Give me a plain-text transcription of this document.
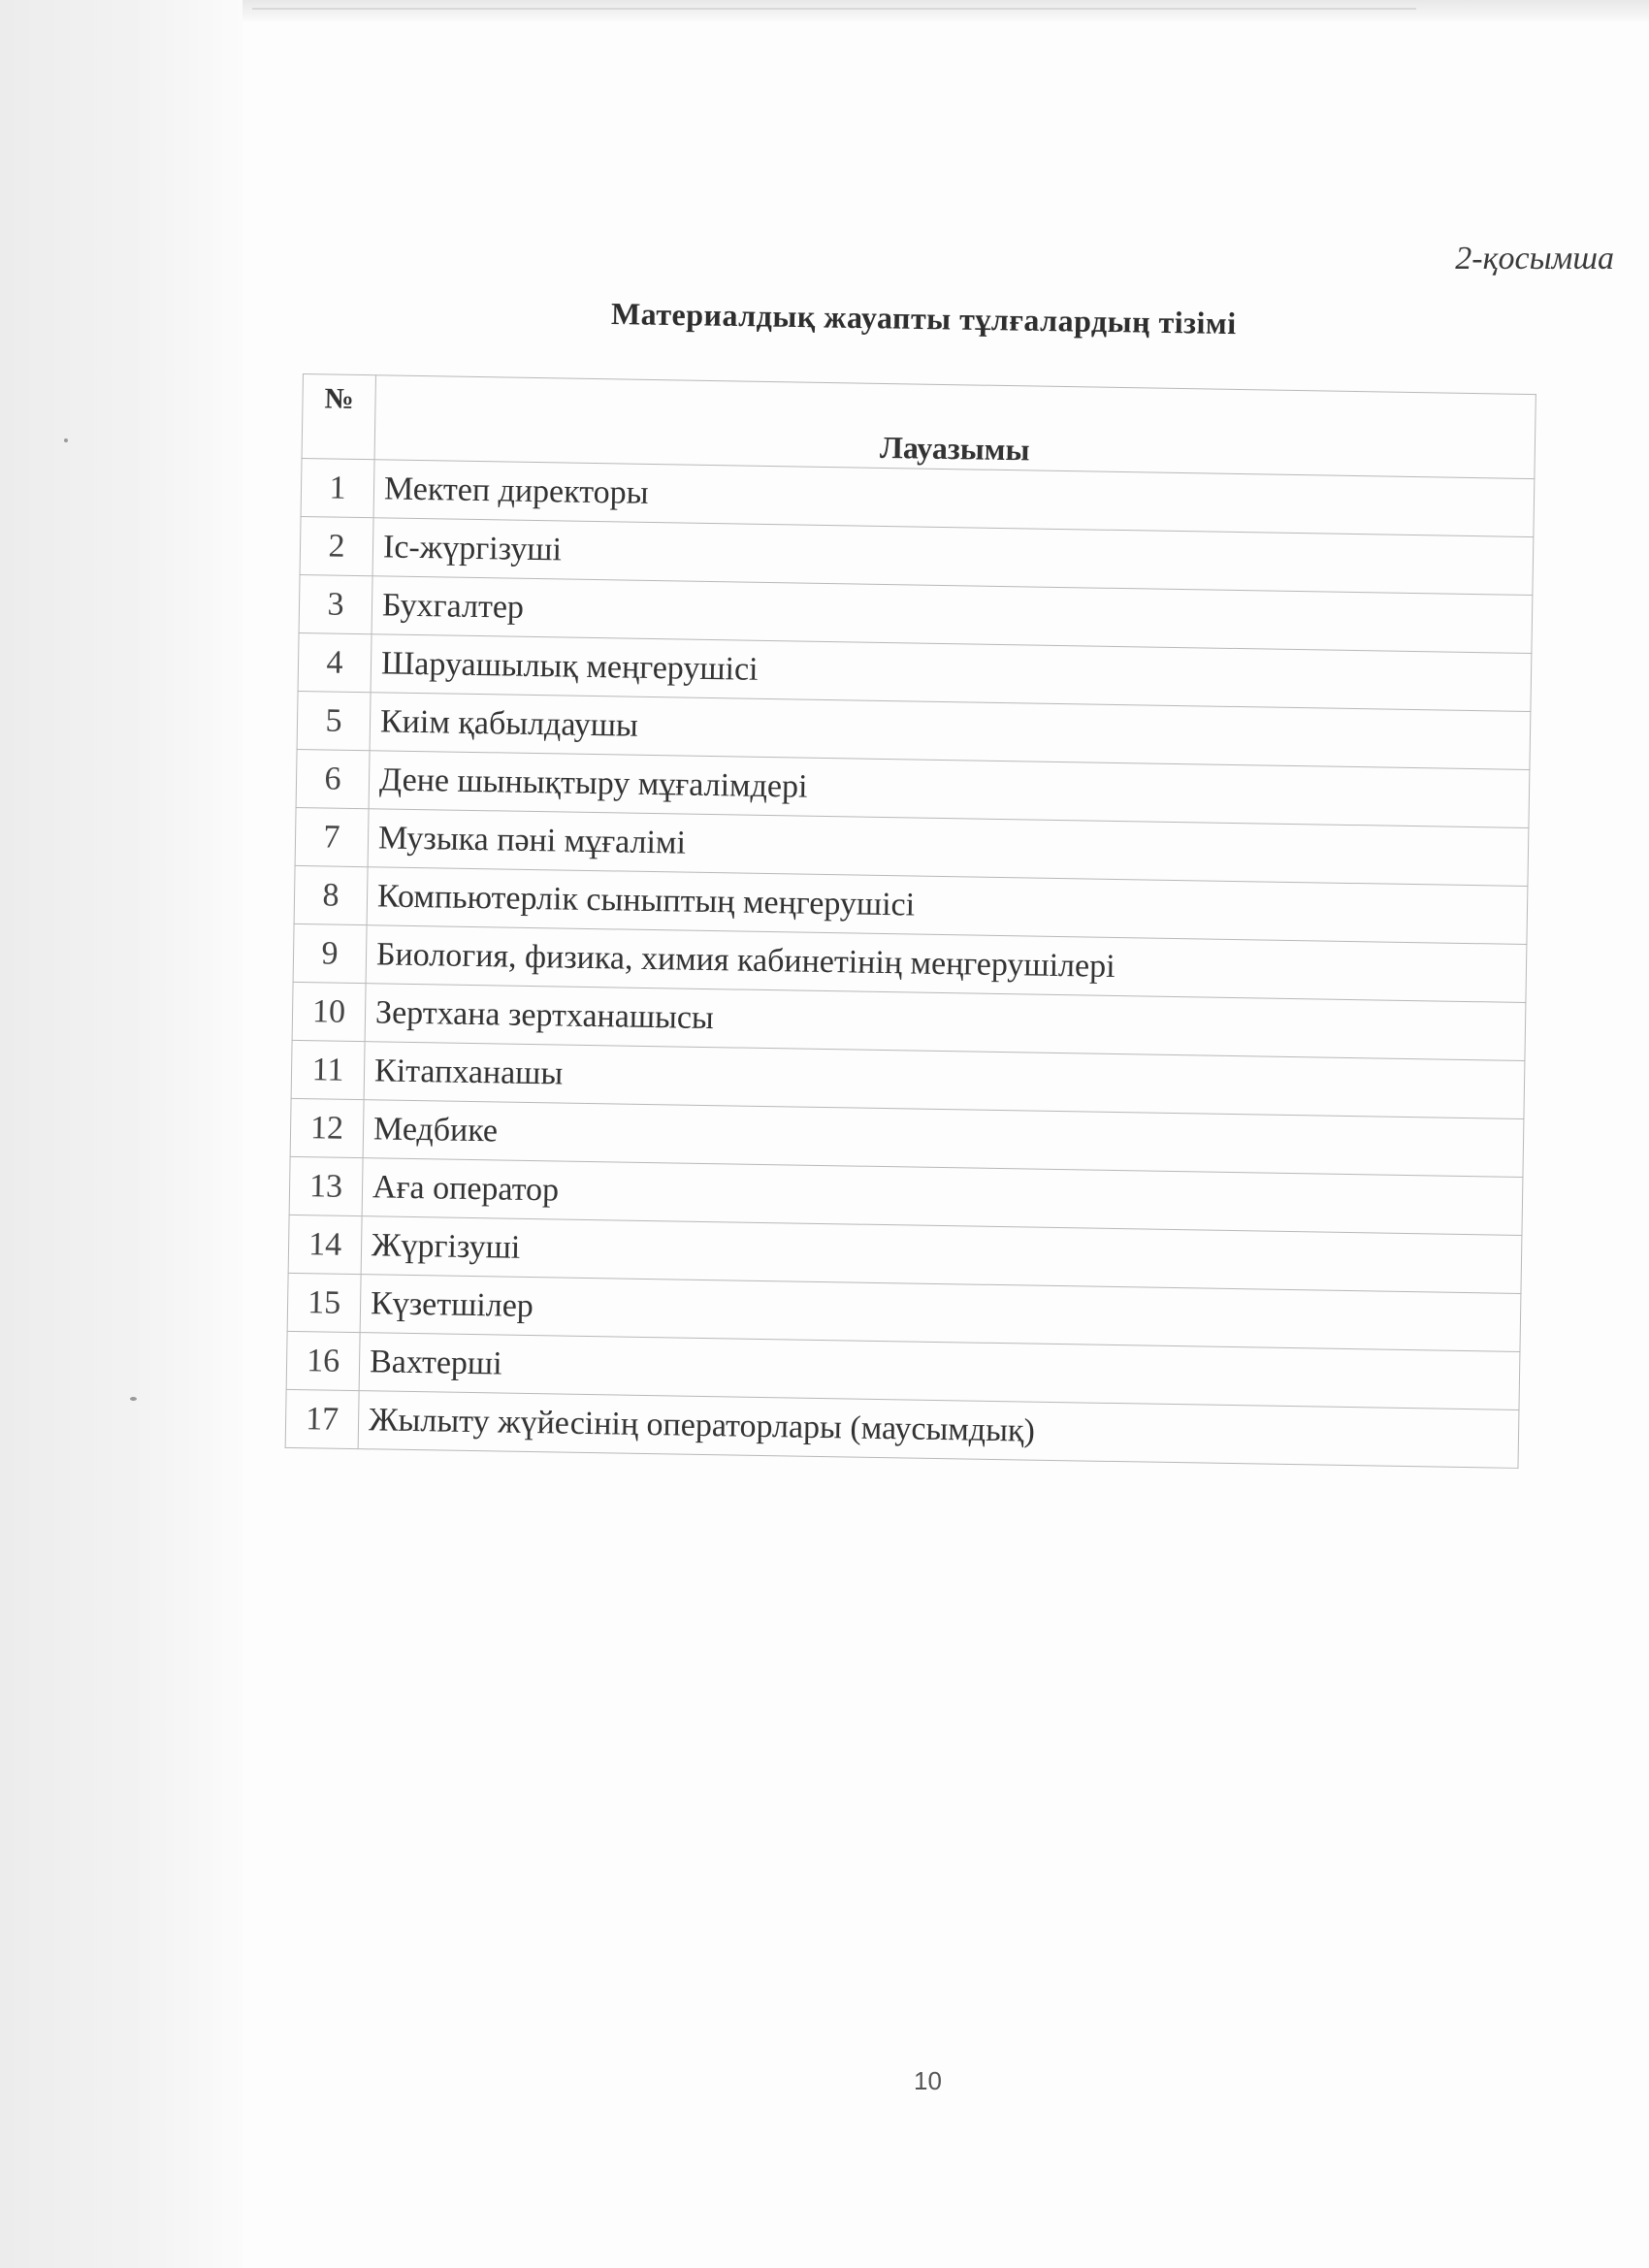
2-қосымша
Материалдық жауапты тұлғалардың тізімі
№	Лауазымы
1	Мектеп директоры
2	Іс-жүргізуші
3	Бухгалтер
4	Шаруашылық меңгерушісі
5	Киім қабылдаушы
6	Дене шынықтыру мұғалімдері
7	Музыка пәні мұғалімі
8	Компьютерлік сыныптың меңгерушісі
9	Биология, физика, химия кабинетінің меңгерушілері
10	Зертхана зертханашысы
11	Кітапханашы
12	Медбике
13	Аға оператор
14	Жүргізуші
15	Күзетшілер
16	Вахтерші
17	Жылыту жүйесінің операторлары (маусымдық)
10
